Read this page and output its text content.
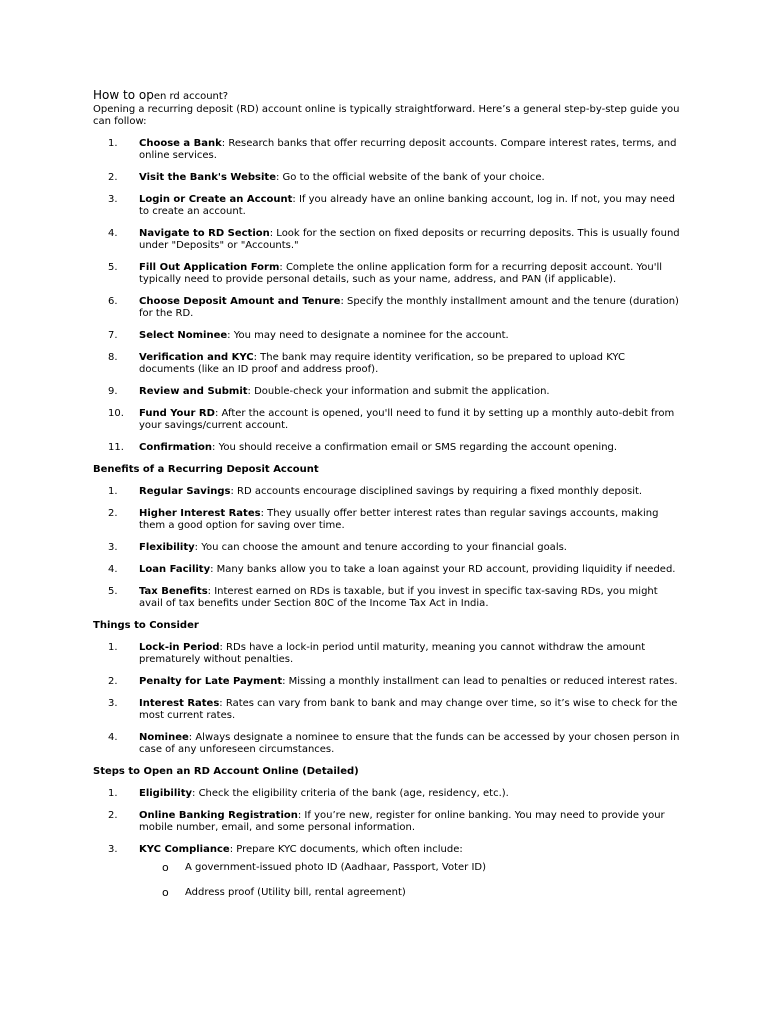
How to open rd account?

Opening a recurring deposit (RD) account online is typically straightforward. Here’s a general step-by-step guide you can follow:

1.	Choose a Bank: Research banks that offer recurring deposit accounts. Compare interest rates, terms, and online services.
2.	Visit the Bank's Website: Go to the official website of the bank of your choice.
3.	Login or Create an Account: If you already have an online banking account, log in. If not, you may need to create an account.
4.	Navigate to RD Section: Look for the section on fixed deposits or recurring deposits. This is usually found under "Deposits" or "Accounts."
5.	Fill Out Application Form: Complete the online application form for a recurring deposit account. You'll typically need to provide personal details, such as your name, address, and PAN (if applicable).
6.	Choose Deposit Amount and Tenure: Specify the monthly installment amount and the tenure (duration) for the RD.
7.	Select Nominee: You may need to designate a nominee for the account.
8.	Verification and KYC: The bank may require identity verification, so be prepared to upload KYC documents (like an ID proof and address proof).
9.	Review and Submit: Double-check your information and submit the application.
10.	Fund Your RD: After the account is opened, you'll need to fund it by setting up a monthly auto-debit from your savings/current account.
11.	Confirmation: You should receive a confirmation email or SMS regarding the account opening.

Benefits of a Recurring Deposit Account

1.	Regular Savings: RD accounts encourage disciplined savings by requiring a fixed monthly deposit.
2.	Higher Interest Rates: They usually offer better interest rates than regular savings accounts, making them a good option for saving over time.
3.	Flexibility: You can choose the amount and tenure according to your financial goals.
4.	Loan Facility: Many banks allow you to take a loan against your RD account, providing liquidity if needed.
5.	Tax Benefits: Interest earned on RDs is taxable, but if you invest in specific tax-saving RDs, you might avail of tax benefits under Section 80C of the Income Tax Act in India.

Things to Consider

1.	Lock-in Period: RDs have a lock-in period until maturity, meaning you cannot withdraw the amount prematurely without penalties.
2.	Penalty for Late Payment: Missing a monthly installment can lead to penalties or reduced interest rates.
3.	Interest Rates: Rates can vary from bank to bank and may change over time, so it’s wise to check for the most current rates.
4.	Nominee: Always designate a nominee to ensure that the funds can be accessed by your chosen person in case of any unforeseen circumstances.

Steps to Open an RD Account Online (Detailed)

1.	Eligibility: Check the eligibility criteria of the bank (age, residency, etc.).
2.	Online Banking Registration: If you’re new, register for online banking. You may need to provide your mobile number, email, and some personal information.
3.	KYC Compliance: Prepare KYC documents, which often include:
o A government-issued photo ID (Aadhaar, Passport, Voter ID)
o Address proof (Utility bill, rental agreement)
